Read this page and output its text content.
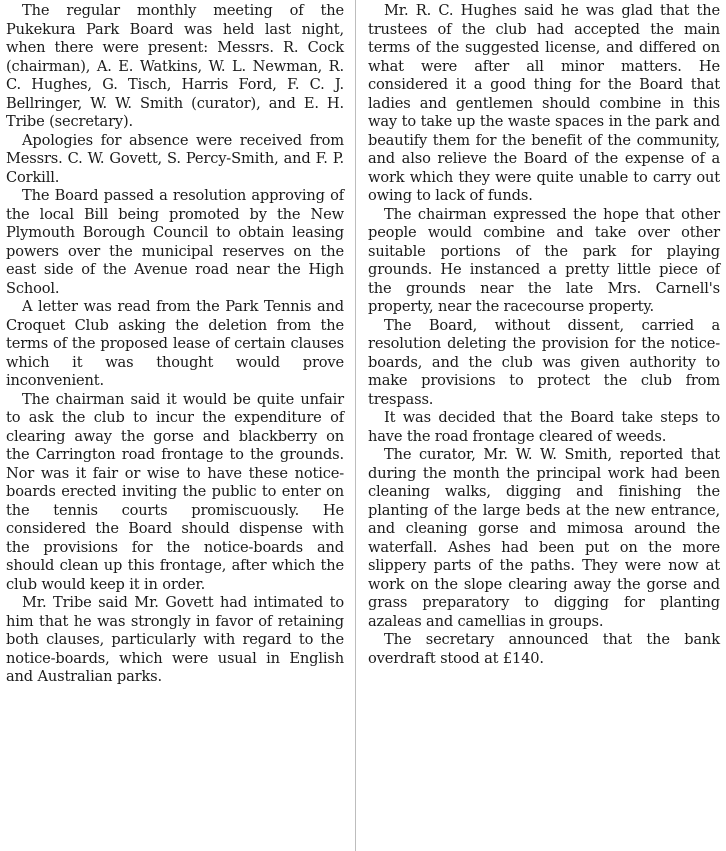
The regular monthly meeting of the Pukekura Park Board was held last night, when there were present: Messrs. R. Cock (chairman), A. E. Watkins, W. L. Newman, R. C. Hughes, G. Tisch, Harris Ford, F. C. J. Bellringer, W. W. Smith (curator), and E. H. Tribe (secretary).

Apologies for absence were received from Messrs. C. W. Govett, S. Percy-Smith, and F. P. Corkill.

The Board passed a resolution approving of the local Bill being promoted by the New Plymouth Borough Council to obtain leasing powers over the municipal reserves on the east side of the Avenue road near the High School.

A letter was read from the Park Tennis and Croquet Club asking the deletion from the terms of the proposed lease of certain clauses which it was thought would prove inconvenient.

The chairman said it would be quite unfair to ask the club to incur the expenditure of clearing away the gorse and blackberry on the Carrington road frontage to the grounds. Nor was it fair or wise to have these notice-boards erected inviting the public to enter on the tennis courts promiscuously. He considered the Board should dispense with the provisions for the notice-boards and should clean up this frontage, after which the club would keep it in order.

Mr. Tribe said Mr. Govett had intimated to him that he was strongly in favor of retaining both clauses, particularly with regard to the notice-boards, which were usual in English and Australian parks.

Mr. R. C. Hughes said he was glad that the trustees of the club had accepted the main terms of the suggested license, and differed on what were after all minor matters. He considered it a good thing for the Board that ladies and gentlemen should combine in this way to take up the waste spaces in the park and beautify them for the benefit of the community, and also relieve the Board of the expense of a work which they were quite unable to carry out owing to lack of funds.

The chairman expressed the hope that other people would combine and take over other suitable portions of the park for playing grounds. He instanced a pretty little piece of the grounds near the late Mrs. Carnell's property, near the racecourse property.

The Board, without dissent, carried a resolution deleting the provision for the notice-boards, and the club was given authority to make provisions to protect the club from trespass.

It was decided that the Board take steps to have the road frontage cleared of weeds.

The curator, Mr. W. W. Smith, reported that during the month the principal work had been cleaning walks, digging and finishing the planting of the large beds at the new entrance, and cleaning gorse and mimosa around the waterfall. Ashes had been put on the more slippery parts of the paths. They were now at work on the slope clearing away the gorse and grass preparatory to digging for planting azaleas and camellias in groups.

The secretary announced that the bank overdraft stood at £140.
